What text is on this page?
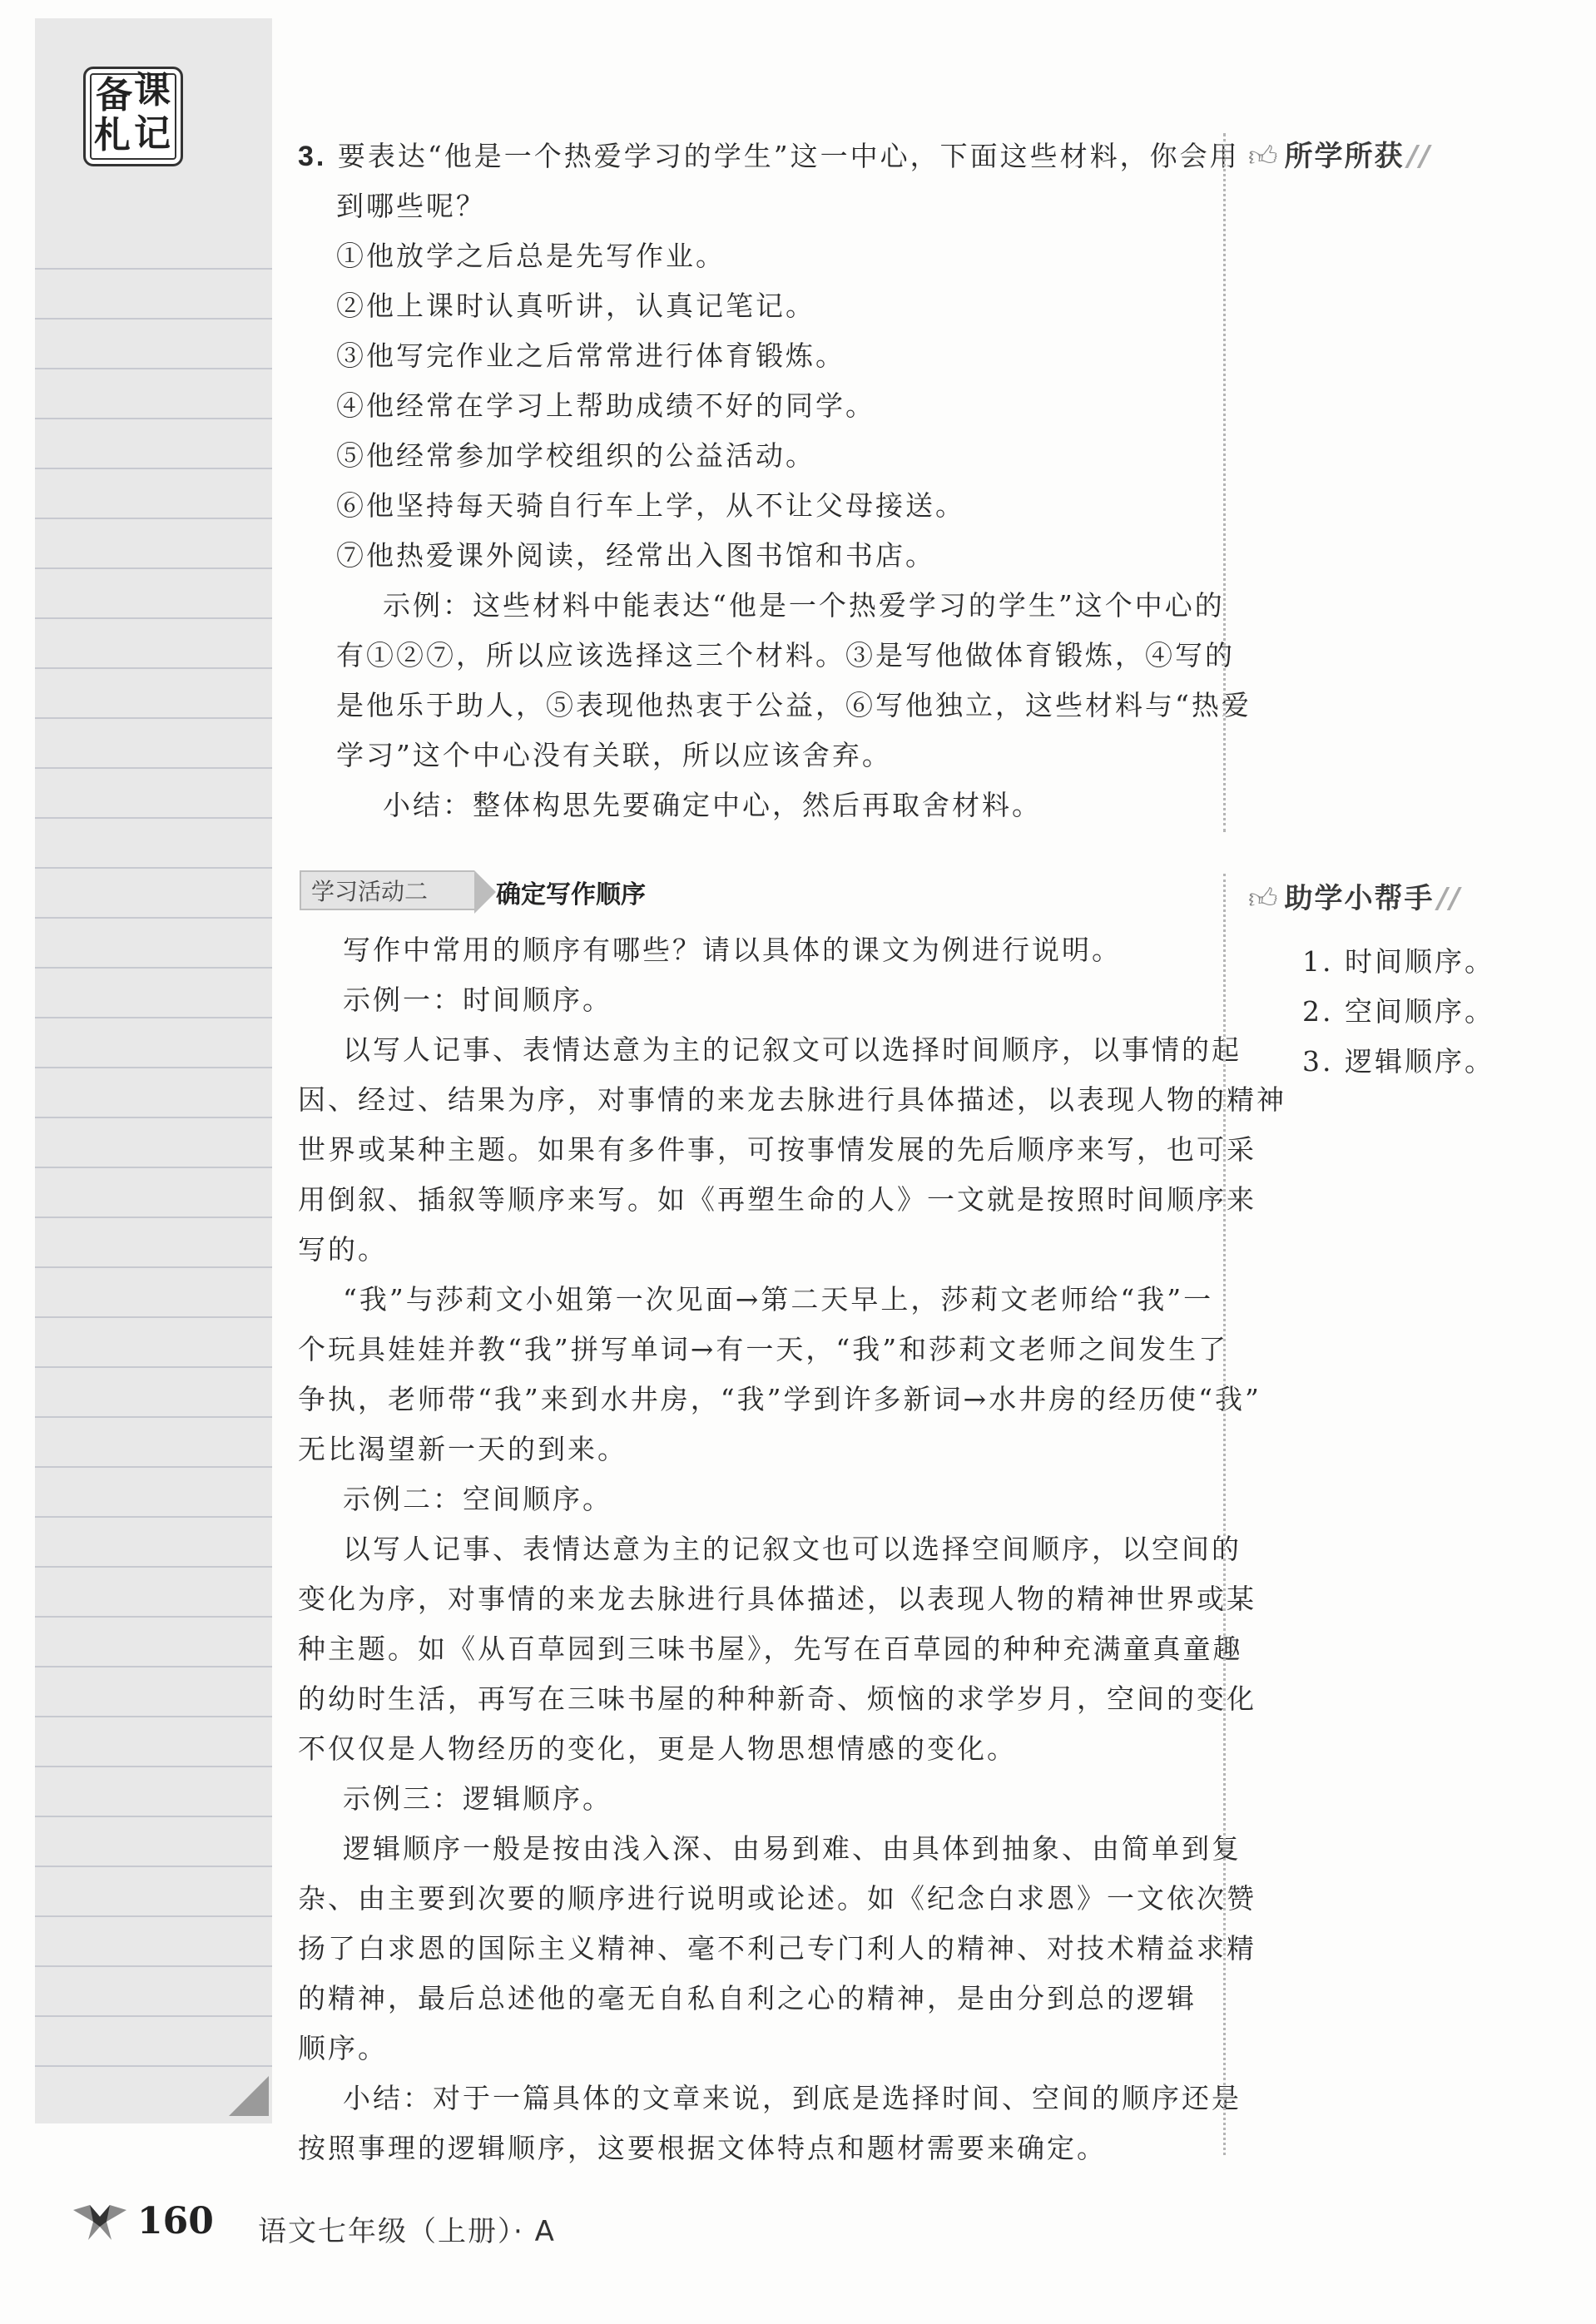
备 课
札 记
3. 要表达“他是一个热爱学习的学生”这一中心，下面这些材料，你会用
到哪些呢？
①他放学之后总是先写作业。
②他上课时认真听讲，认真记笔记。
③他写完作业之后常常进行体育锻炼。
④他经常在学习上帮助成绩不好的同学。
⑤他经常参加学校组织的公益活动。
⑥他坚持每天骑自行车上学，从不让父母接送。
⑦他热爱课外阅读，经常出入图书馆和书店。
示例：这些材料中能表达“他是一个热爱学习的学生”这个中心的
有①②⑦，所以应该选择这三个材料。③是写他做体育锻炼，④写的
是他乐于助人，⑤表现他热衷于公益，⑥写他独立，这些材料与“热爱
学习”这个中心没有关联，所以应该舍弃。
小结：整体构思先要确定中心，然后再取舍材料。
学习活动二	确定写作顺序
写作中常用的顺序有哪些？请以具体的课文为例进行说明。
示例一：时间顺序。
以写人记事、表情达意为主的记叙文可以选择时间顺序，以事情的起
因、经过、结果为序，对事情的来龙去脉进行具体描述，以表现人物的精神
世界或某种主题。如果有多件事，可按事情发展的先后顺序来写，也可采
用倒叙、插叙等顺序来写。如《再塑生命的人》一文就是按照时间顺序来
写的。
“我”与莎莉文小姐第一次见面→第二天早上，莎莉文老师给“我”一
个玩具娃娃并教“我”拼写单词→有一天，“我”和莎莉文老师之间发生了
争执，老师带“我”来到水井房，“我”学到许多新词→水井房的经历使“我”
无比渴望新一天的到来。
示例二：空间顺序。
以写人记事、表情达意为主的记叙文也可以选择空间顺序，以空间的
变化为序，对事情的来龙去脉进行具体描述，以表现人物的精神世界或某
种主题。如《从百草园到三味书屋》，先写在百草园的种种充满童真童趣
的幼时生活，再写在三味书屋的种种新奇、烦恼的求学岁月，空间的变化
不仅仅是人物经历的变化，更是人物思想情感的变化。
示例三：逻辑顺序。
逻辑顺序一般是按由浅入深、由易到难、由具体到抽象、由简单到复
杂、由主要到次要的顺序进行说明或论述。如《纪念白求恩》一文依次赞
扬了白求恩的国际主义精神、毫不利己专门利人的精神、对技术精益求精
的精神，最后总述他的毫无自私自利之心的精神，是由分到总的逻辑
顺序。
小结：对于一篇具体的文章来说，到底是选择时间、空间的顺序还是
按照事理的逻辑顺序，这要根据文体特点和题材需要来确定。
👍︎ 所学所获 //
👍︎ 助学小帮手 //
1. 时间顺序。
2. 空间顺序。
3. 逻辑顺序。
160 语文七年级（上册）· A
